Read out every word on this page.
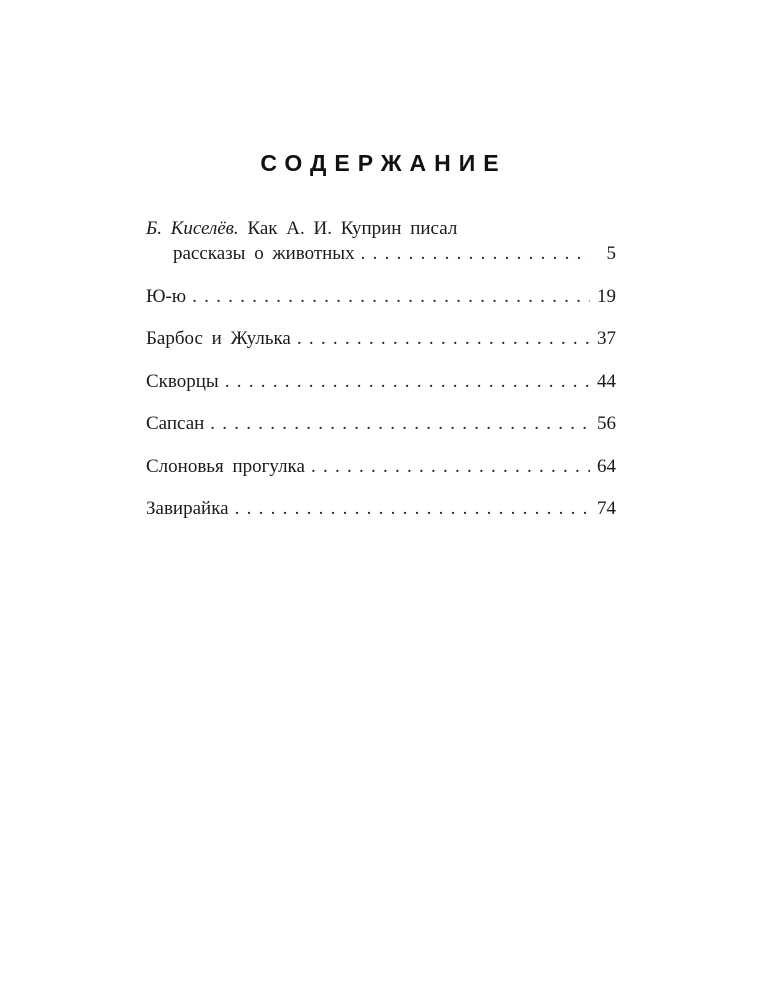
СОДЕРЖАНИЕ
Б. Киселёв. Как А. И. Куприн писал
рассказы о животных . . .	5
Ю-ю . . .	19
Барбос и Жулька . . .	37
Скворцы . . .	44
Сапсан . . .	56
Слоновья прогулка . . .	64
Завирайка . . .	74
